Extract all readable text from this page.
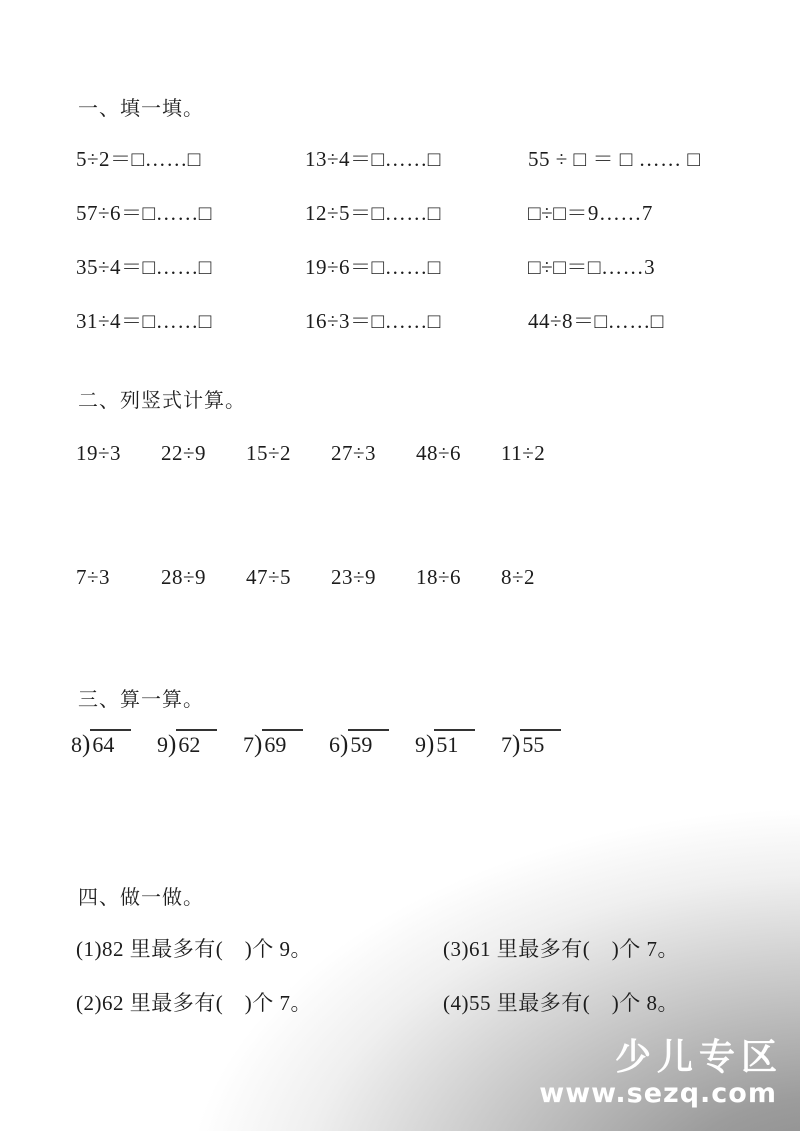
一、填一填。
5÷2＝□……□	13÷4＝□……□	55 ÷ □ ＝ □ …… □
57÷6＝□……□	12÷5＝□……□	□÷□＝9……7
35÷4＝□……□	19÷6＝□……□	□÷□＝□……3
31÷4＝□……□	16÷3＝□……□	44÷8＝□……□
二、列竖式计算。
19÷3	22÷9	15÷2	27÷3	48÷6	11÷2
7÷3	28÷9	47÷5	23÷9	18÷6	8÷2
三、算一算。
8)64	9)62	7)69	6)59	9)51	7)55
四、做一做。
(1)82 里最多有(　)个 9。	(3)61 里最多有(　)个 7。
(2)62 里最多有(　)个 7。	(4)55 里最多有(　)个 8。
少儿专区
www.sezq.com
